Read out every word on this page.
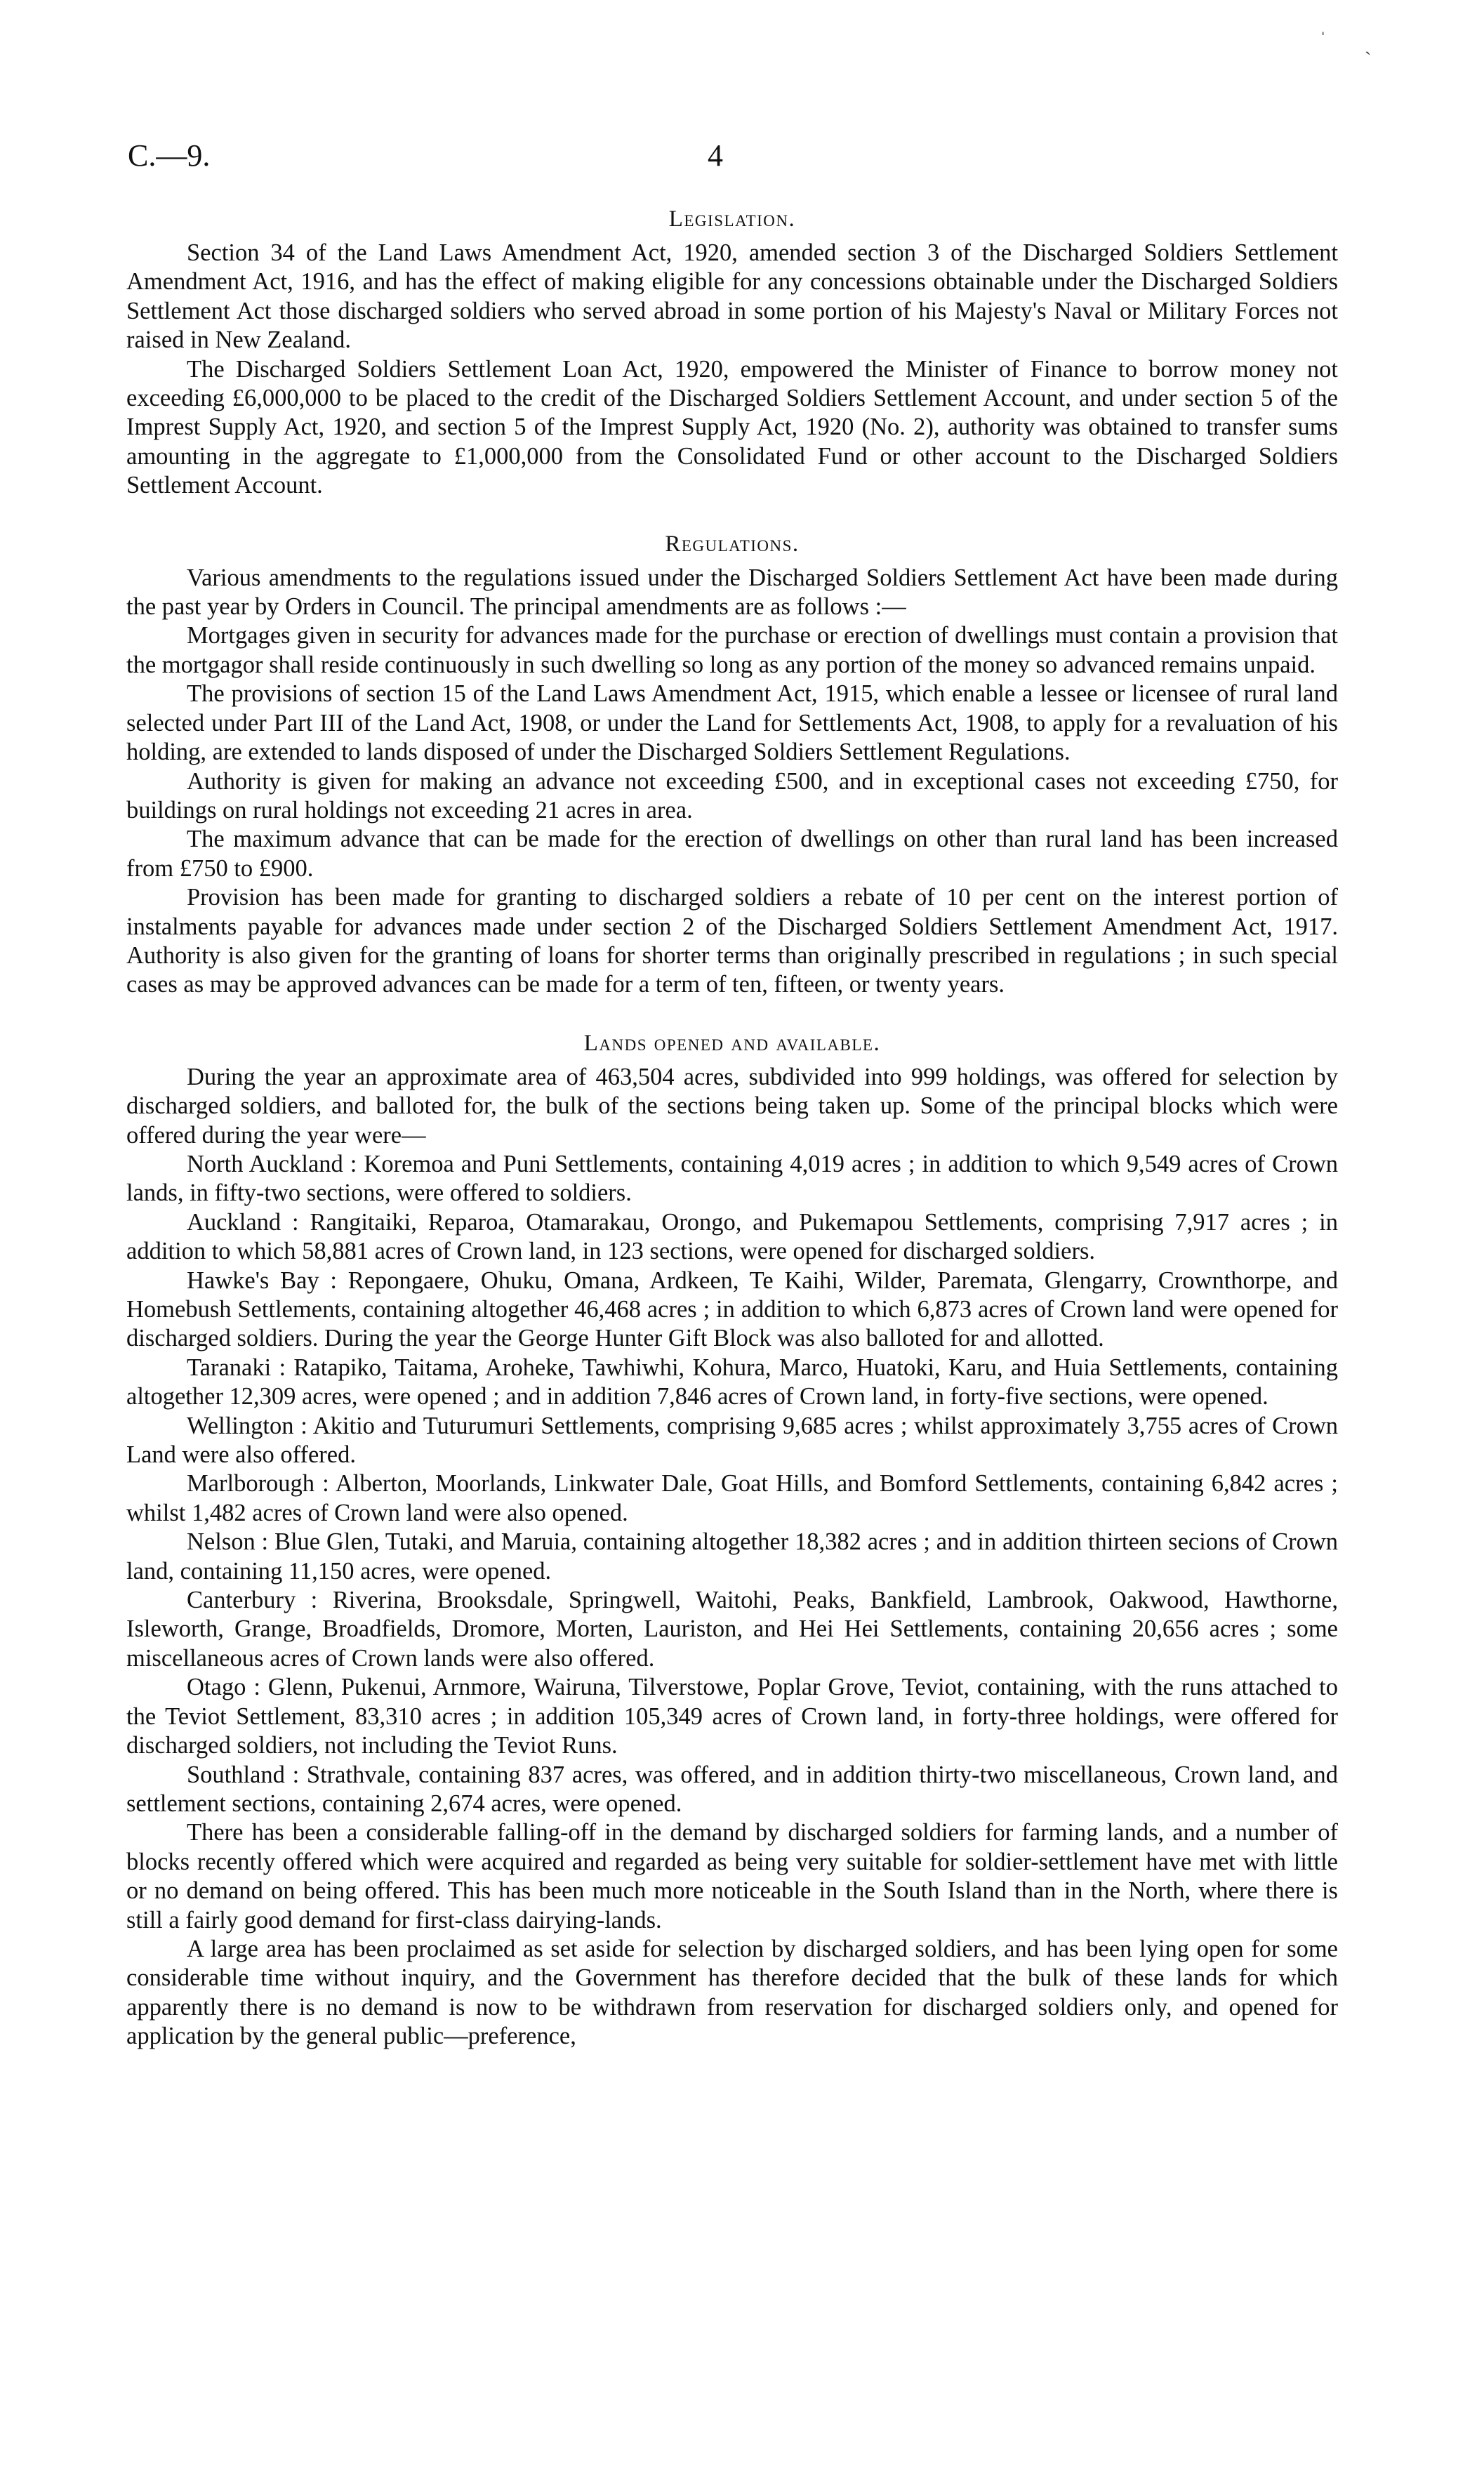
C.—9.	4
ˌ
ˏ
Legislation.

Section 34 of the Land Laws Amendment Act, 1920, amended section 3 of the Discharged Soldiers Settlement Amendment Act, 1916, and has the effect of making eligible for any concessions obtainable under the Discharged Soldiers Settlement Act those discharged soldiers who served abroad in some portion of his Majesty's Naval or Military Forces not raised in New Zealand.

The Discharged Soldiers Settlement Loan Act, 1920, empowered the Minister of Finance to borrow money not exceeding £6,000,000 to be placed to the credit of the Discharged Soldiers Settlement Account, and under section 5 of the Imprest Supply Act, 1920, and section 5 of the Imprest Supply Act, 1920 (No. 2), authority was obtained to transfer sums amounting in the aggregate to £1,000,000 from the Consolidated Fund or other account to the Discharged Soldiers Settlement Account.

Regulations.

Various amendments to the regulations issued under the Discharged Soldiers Settlement Act have been made during the past year by Orders in Council. The principal amendments are as follows :—

Mortgages given in security for advances made for the purchase or erection of dwellings must contain a provision that the mortgagor shall reside continuously in such dwelling so long as any portion of the money so advanced remains unpaid.

The provisions of section 15 of the Land Laws Amendment Act, 1915, which enable a lessee or licensee of rural land selected under Part III of the Land Act, 1908, or under the Land for Settlements Act, 1908, to apply for a revaluation of his holding, are extended to lands disposed of under the Discharged Soldiers Settlement Regulations.

Authority is given for making an advance not exceeding £500, and in exceptional cases not exceeding £750, for buildings on rural holdings not exceeding 21 acres in area.

The maximum advance that can be made for the erection of dwellings on other than rural land has been increased from £750 to £900.

Provision has been made for granting to discharged soldiers a rebate of 10 per cent on the interest portion of instalments payable for advances made under section 2 of the Discharged Soldiers Settlement Amendment Act, 1917. Authority is also given for the granting of loans for shorter terms than originally prescribed in regulations ; in such special cases as may be approved advances can be made for a term of ten, fifteen, or twenty years.

Lands opened and available.

During the year an approximate area of 463,504 acres, subdivided into 999 holdings, was offered for selection by discharged soldiers, and balloted for, the bulk of the sections being taken up. Some of the principal blocks which were offered during the year were—

North Auckland : Koremoa and Puni Settlements, containing 4,019 acres ; in addition to which 9,549 acres of Crown lands, in fifty-two sections, were offered to soldiers.

Auckland : Rangitaiki, Reparoa, Otamarakau, Orongo, and Pukemapou Settlements, comprising 7,917 acres ; in addition to which 58,881 acres of Crown land, in 123 sections, were opened for discharged soldiers.

Hawke's Bay : Repongaere, Ohuku, Omana, Ardkeen, Te Kaihi, Wilder, Paremata, Glengarry, Crownthorpe, and Homebush Settlements, containing altogether 46,468 acres ; in addition to which 6,873 acres of Crown land were opened for discharged soldiers. During the year the George Hunter Gift Block was also balloted for and allotted.

Taranaki : Ratapiko, Taitama, Aroheke, Tawhiwhi, Kohura, Marco, Huatoki, Karu, and Huia Settlements, containing altogether 12,309 acres, were opened ; and in addition 7,846 acres of Crown land, in forty-five sections, were opened.

Wellington : Akitio and Tuturumuri Settlements, comprising 9,685 acres ; whilst approximately 3,755 acres of Crown Land were also offered.

Marlborough : Alberton, Moorlands, Linkwater Dale, Goat Hills, and Bomford Settlements, containing 6,842 acres ; whilst 1,482 acres of Crown land were also opened.

Nelson : Blue Glen, Tutaki, and Maruia, containing altogether 18,382 acres ; and in addition thirteen secions of Crown land, containing 11,150 acres, were opened.

Canterbury : Riverina, Brooksdale, Springwell, Waitohi, Peaks, Bankfield, Lambrook, Oakwood, Hawthorne, Isleworth, Grange, Broadfields, Dromore, Morten, Lauriston, and Hei Hei Settlements, containing 20,656 acres ; some miscellaneous acres of Crown lands were also offered.

Otago : Glenn, Pukenui, Arnmore, Wairuna, Tilverstowe, Poplar Grove, Teviot, containing, with the runs attached to the Teviot Settlement, 83,310 acres ; in addition 105,349 acres of Crown land, in forty-three holdings, were offered for discharged soldiers, not including the Teviot Runs.

Southland : Strathvale, containing 837 acres, was offered, and in addition thirty-two miscellaneous, Crown land, and settlement sections, containing 2,674 acres, were opened.

There has been a considerable falling-off in the demand by discharged soldiers for farming lands, and a number of blocks recently offered which were acquired and regarded as being very suitable for soldier-settlement have met with little or no demand on being offered. This has been much more noticeable in the South Island than in the North, where there is still a fairly good demand for first-class dairying-lands.

A large area has been proclaimed as set aside for selection by discharged soldiers, and has been lying open for some considerable time without inquiry, and the Government has therefore decided that the bulk of these lands for which apparently there is no demand is now to be withdrawn from reservation for discharged soldiers only, and opened for application by the general public—preference,
